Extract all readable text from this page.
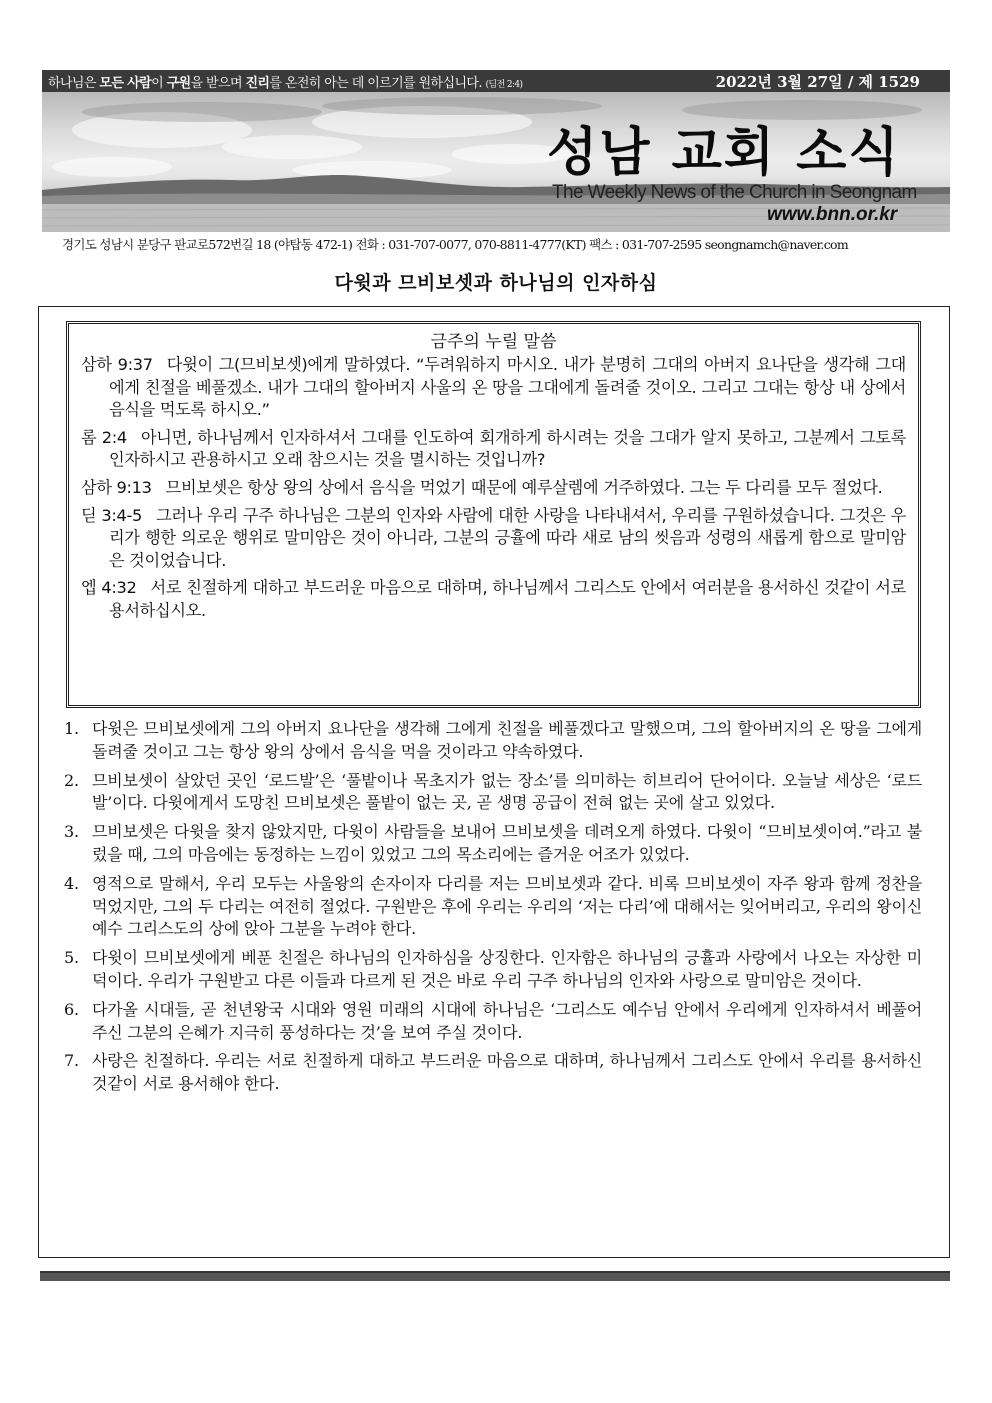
하나님은 모든 사람이 구원을 받으며 진리를 온전히 아는 데 이르기를 원하십니다. (딤전 2:4)	2022년 3월 27일 / 제 1529
성남 교회 소식
The Weekly News of the Church in Seongnam
www.bnn.or.kr
경기도 성남시 분당구 판교로572번길 18 (야탑동 472-1) 전화 : 031-707-0077, 070-8811-4777(KT) 팩스 : 031-707-2595 seongnamch@naver.com
다윗과 므비보셋과 하나님의 인자하심
금주의 누릴 말씀
삼하 9:37 다윗이 그(므비보셋)에게 말하였다. “두려워하지 마시오. 내가 분명히 그대의 아버지 요나단을 생각해 그대에게 친절을 베풀겠소. 내가 그대의 할아버지 사울의 온 땅을 그대에게 돌려줄 것이오. 그리고 그대는 항상 내 상에서 음식을 먹도록 하시오.”
롬 2:4 아니면, 하나님께서 인자하셔서 그대를 인도하여 회개하게 하시려는 것을 그대가 알지 못하고, 그분께서 그토록 인자하시고 관용하시고 오래 참으시는 것을 멸시하는 것입니까?
삼하 9:13 므비보셋은 항상 왕의 상에서 음식을 먹었기 때문에 예루살렘에 거주하였다. 그는 두 다리를 모두 절었다.
딛 3:4-5 그러나 우리 구주 하나님은 그분의 인자와 사람에 대한 사랑을 나타내셔서, 우리를 구원하셨습니다. 그것은 우리가 행한 의로운 행위로 말미암은 것이 아니라, 그분의 긍휼에 따라 새로 남의 씻음과 성령의 새롭게 함으로 말미암은 것이었습니다.
엡 4:32 서로 친절하게 대하고 부드러운 마음으로 대하며, 하나님께서 그리스도 안에서 여러분을 용서하신 것같이 서로 용서하십시오.
1. 다윗은 므비보셋에게 그의 아버지 요나단을 생각해 그에게 친절을 베풀겠다고 말했으며, 그의 할아버지의 온 땅을 그에게 돌려줄 것이고 그는 항상 왕의 상에서 음식을 먹을 것이라고 약속하였다.
2. 므비보셋이 살았던 곳인 ‘로드발’은 ‘풀밭이나 목초지가 없는 장소’를 의미하는 히브리어 단어이다. 오늘날 세상은 ‘로드발’이다. 다윗에게서 도망친 므비보셋은 풀밭이 없는 곳, 곧 생명 공급이 전혀 없는 곳에 살고 있었다.
3. 므비보셋은 다윗을 찾지 않았지만, 다윗이 사람들을 보내어 므비보셋을 데려오게 하였다. 다윗이 “므비보셋이여.”라고 불렀을 때, 그의 마음에는 동정하는 느낌이 있었고 그의 목소리에는 즐거운 어조가 있었다.
4. 영적으로 말해서, 우리 모두는 사울왕의 손자이자 다리를 저는 므비보셋과 같다. 비록 므비보셋이 자주 왕과 함께 정찬을 먹었지만, 그의 두 다리는 여전히 절었다. 구원받은 후에 우리는 우리의 ‘저는 다리’에 대해서는 잊어버리고, 우리의 왕이신 예수 그리스도의 상에 앉아 그분을 누려야 한다.
5. 다윗이 므비보셋에게 베푼 친절은 하나님의 인자하심을 상징한다. 인자함은 하나님의 긍휼과 사랑에서 나오는 자상한 미덕이다. 우리가 구원받고 다른 이들과 다르게 된 것은 바로 우리 구주 하나님의 인자와 사랑으로 말미암은 것이다.
6. 다가올 시대들, 곧 천년왕국 시대와 영원 미래의 시대에 하나님은 ‘그리스도 예수님 안에서 우리에게 인자하셔서 베풀어 주신 그분의 은혜가 지극히 풍성하다는 것’을 보여 주실 것이다.
7. 사랑은 친절하다. 우리는 서로 친절하게 대하고 부드러운 마음으로 대하며, 하나님께서 그리스도 안에서 우리를 용서하신 것같이 서로 용서해야 한다.
